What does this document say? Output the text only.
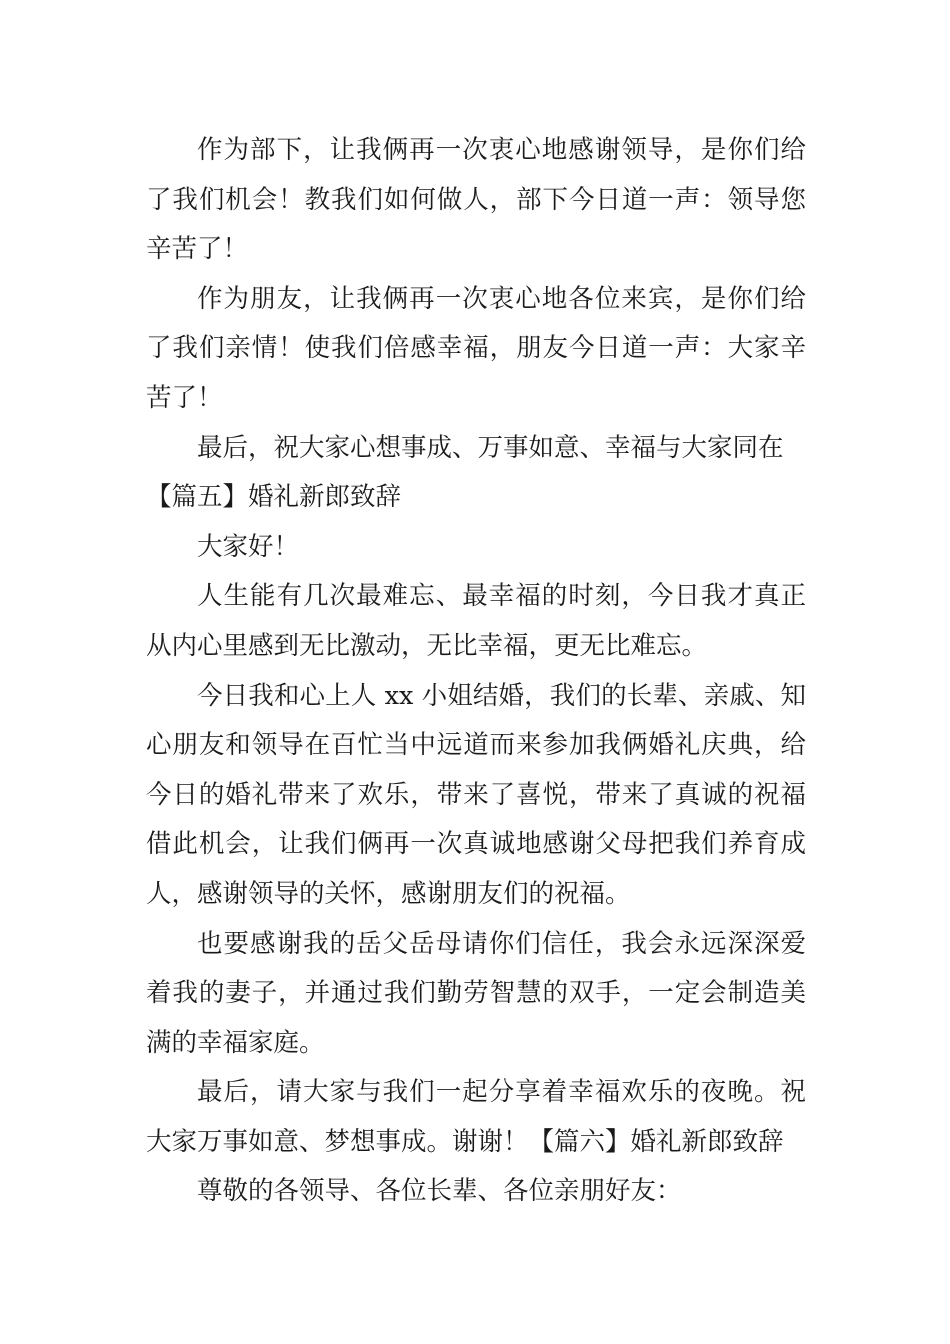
作为部下，让我俩再一次衷心地感谢领导，是你们给了我们机会！教我们如何做人，部下今日道一声：领导您辛苦了！

作为朋友，让我俩再一次衷心地各位来宾，是你们给了我们亲情！使我们倍感幸福，朋友今日道一声：大家辛苦了！

最后，祝大家心想事成、万事如意、幸福与大家同在

【篇五】婚礼新郎致辞

大家好！

人生能有几次最难忘、最幸福的时刻，今日我才真正从内心里感到无比激动，无比幸福，更无比难忘。

今日我和心上人 xx 小姐结婚，我们的长辈、亲戚、知心朋友和领导在百忙当中远道而来参加我俩婚礼庆典，给今日的婚礼带来了欢乐，带来了喜悦，带来了真诚的祝福借此机会，让我们俩再一次真诚地感谢父母把我们养育成人，感谢领导的关怀，感谢朋友们的祝福。

也要感谢我的岳父岳母请你们信任，我会永远深深爱着我的妻子，并通过我们勤劳智慧的双手，一定会制造美满的幸福家庭。

最后，请大家与我们一起分享着幸福欢乐的夜晚。祝大家万事如意、梦想事成。谢谢！【篇六】婚礼新郎致辞

尊敬的各领导、各位长辈、各位亲朋好友：
